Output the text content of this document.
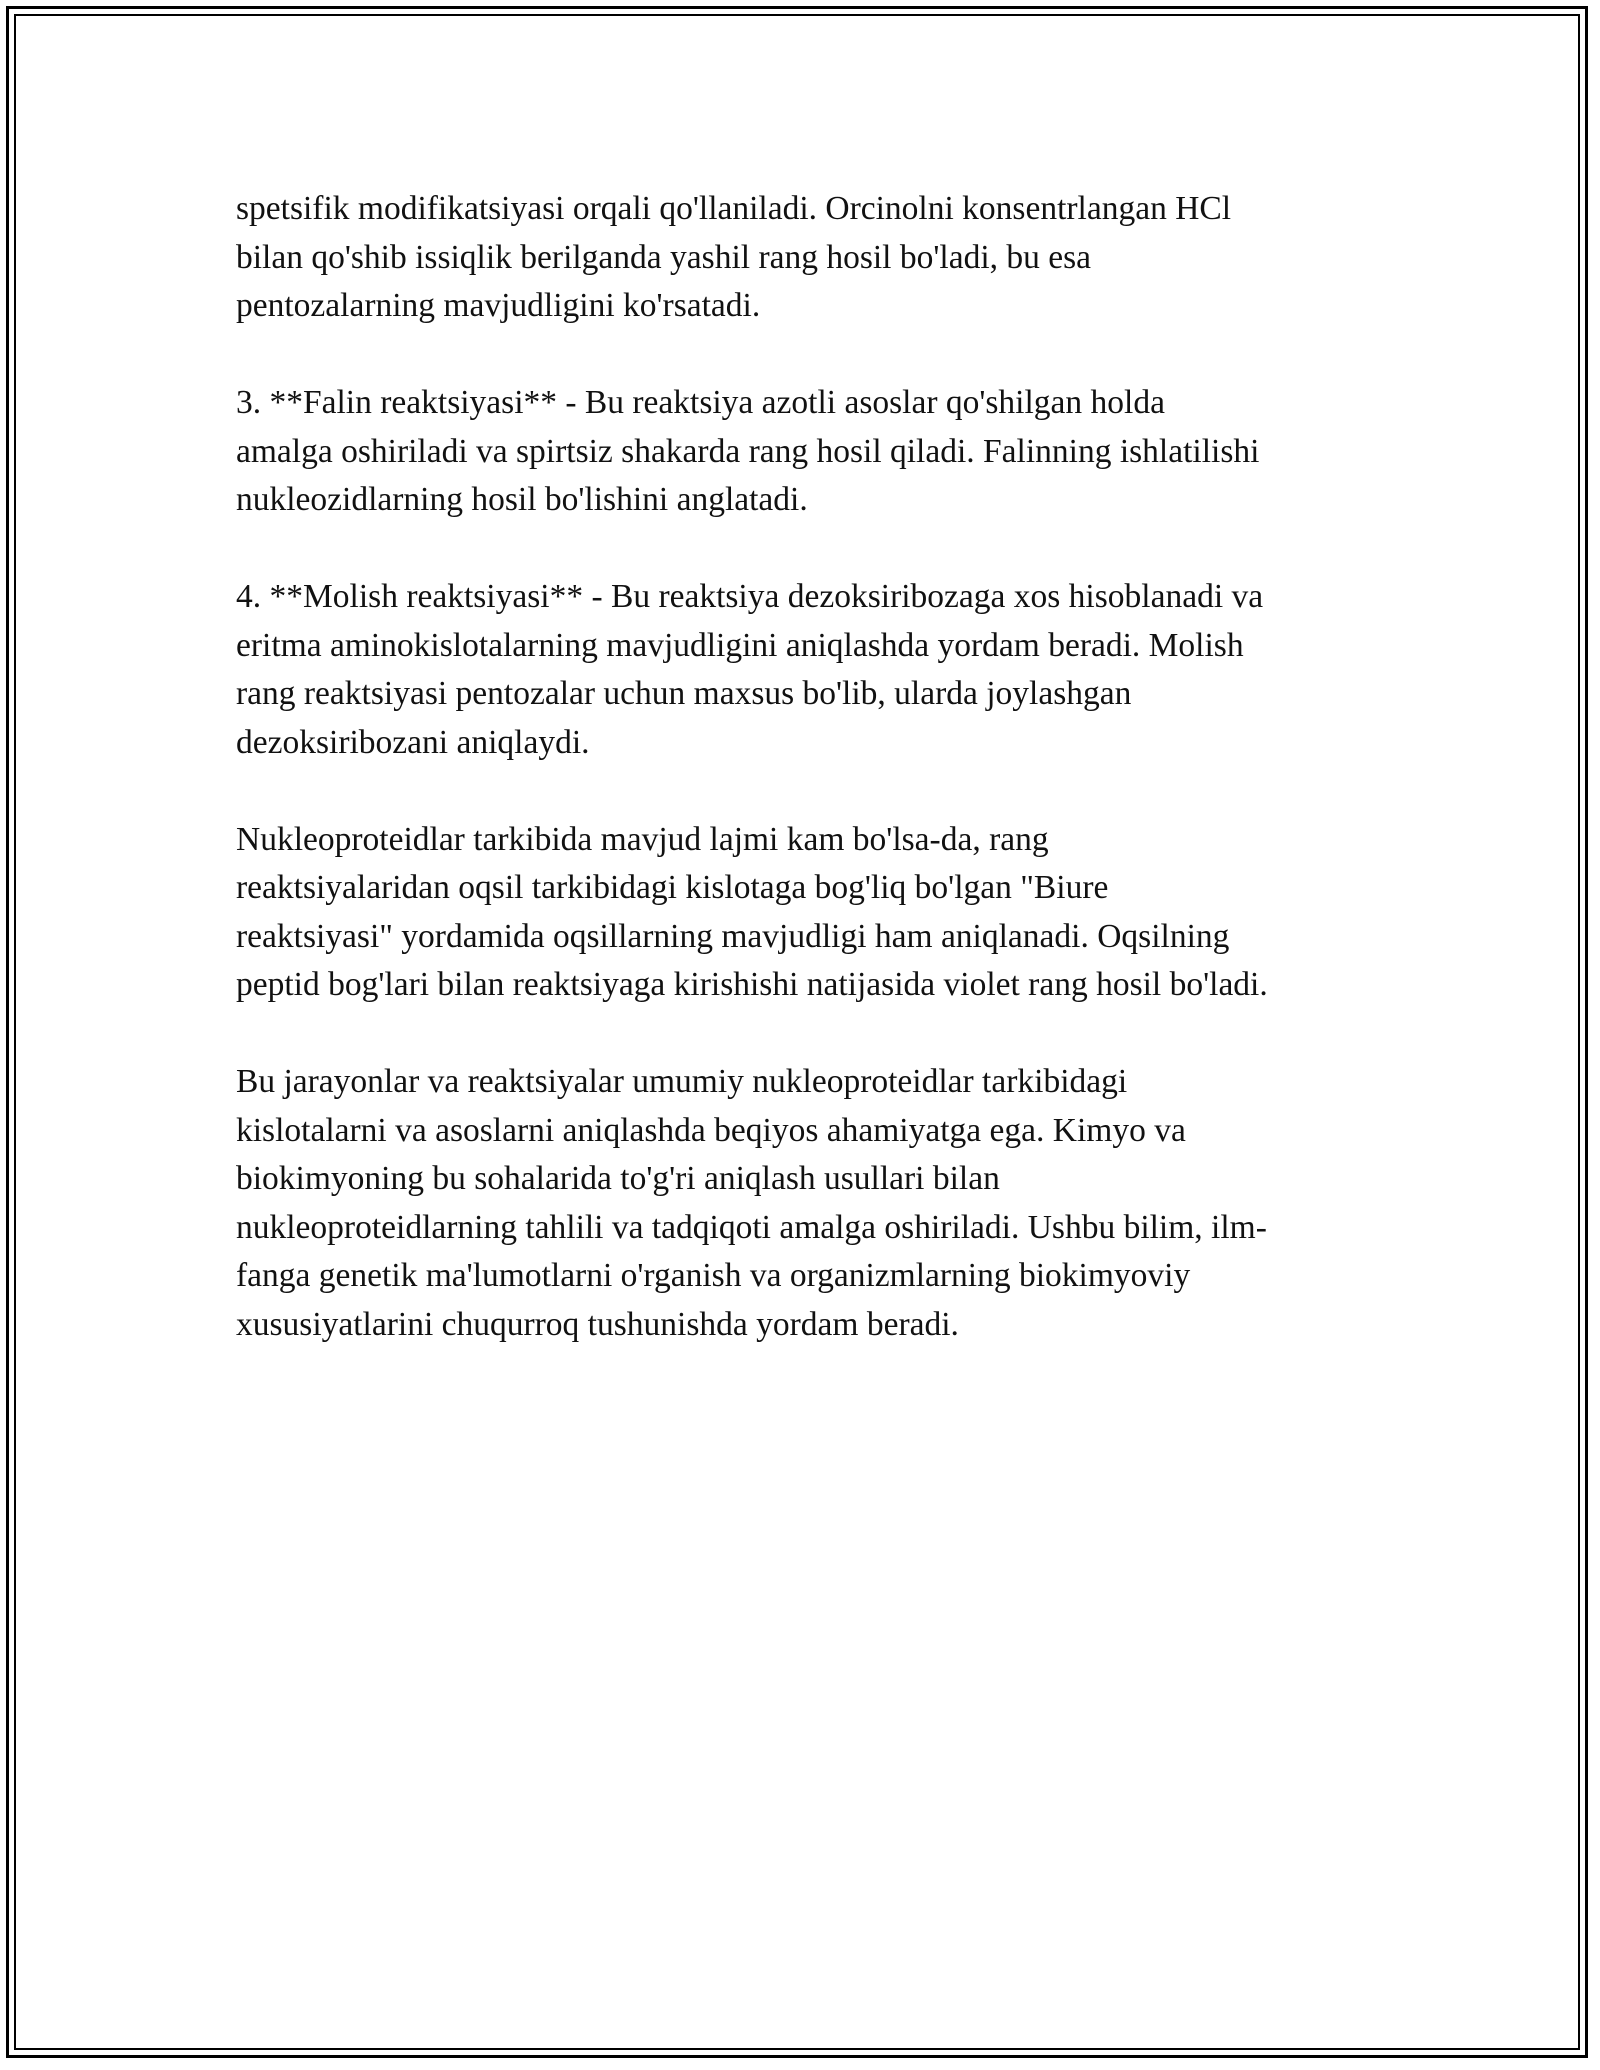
spetsifik modifikatsiyasi orqali qo'llaniladi. Orcinolni konsentrlangan HCl
bilan qo'shib issiqlik berilganda yashil rang hosil bo'ladi, bu esa
pentozalarning mavjudligini ko'rsatadi.

3. **Falin reaktsiyasi** - Bu reaktsiya azotli asoslar qo'shilgan holda
amalga oshiriladi va spirtsiz shakarda rang hosil qiladi. Falinning ishlatilishi
nukleozidlarning hosil bo'lishini anglatadi.

4. **Molish reaktsiyasi** - Bu reaktsiya dezoksiribozaga xos hisoblanadi va
eritma aminokislotalarning mavjudligini aniqlashda yordam beradi. Molish
rang reaktsiyasi pentozalar uchun maxsus bo'lib, ularda joylashgan
dezoksiribozani aniqlaydi.

Nukleoproteidlar tarkibida mavjud lajmi kam bo'lsa-da, rang
reaktsiyalaridan oqsil tarkibidagi kislotaga bog'liq bo'lgan "Biure
reaktsiyasi" yordamida oqsillarning mavjudligi ham aniqlanadi. Oqsilning
peptid bog'lari bilan reaktsiyaga kirishishi natijasida violet rang hosil bo'ladi.

Bu jarayonlar va reaktsiyalar umumiy nukleoproteidlar tarkibidagi
kislotalarni va asoslarni aniqlashda beqiyos ahamiyatga ega. Kimyo va
biokimyoning bu sohalarida to'g'ri aniqlash usullari bilan
nukleoproteidlarning tahlili va tadqiqoti amalga oshiriladi. Ushbu bilim, ilm-
fanga genetik ma'lumotlarni o'rganish va organizmlarning biokimyoviy
xususiyatlarini chuqurroq tushunishda yordam beradi.
